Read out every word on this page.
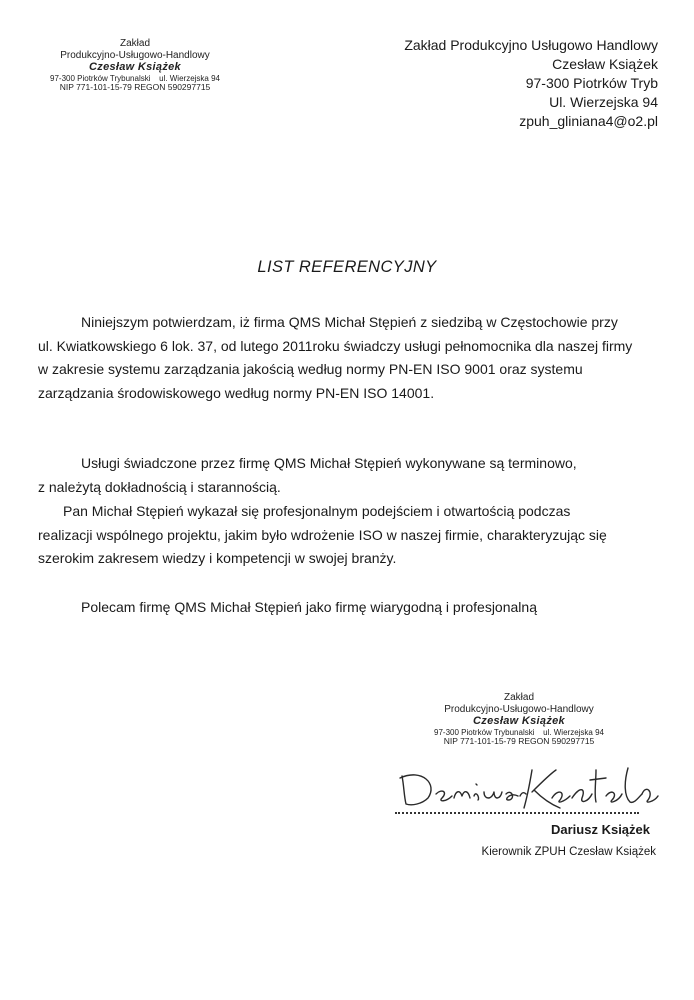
Zakład
Produkcyjno-Usługowo-Handlowy
Czesław Książek
97-300 Piotrków Trybunalski ul. Wierzejska 94
NIP 771-101-15-79 REGON 590297715
Zakład Produkcyjno Usługowo Handlowy
Czesław Książek
97-300 Piotrków Tryb
Ul. Wierzejska 94
zpuh_gliniana4@o2.pl
LIST REFERENCYJNY
Niniejszym potwierdzam, iż firma QMS Michał Stępień z siedzibą w Częstochowie przy
ul. Kwiatkowskiego 6 lok. 37, od lutego 2011roku świadczy usługi pełnomocnika dla naszej firmy
w zakresie systemu zarządzania jakością według normy PN-EN ISO 9001 oraz systemu
zarządzania środowiskowego według normy PN-EN ISO 14001.
Usługi świadczone przez firmę QMS Michał Stępień wykonywane są terminowo,
z należytą dokładnością i starannością.
Pan Michał Stępień wykazał się profesjonalnym podejściem i otwartością podczas
realizacji wspólnego projektu, jakim było wdrożenie ISO w naszej firmie, charakteryzując się
szerokim zakresem wiedzy i kompetencji w swojej branży.
Polecam firmę QMS Michał Stępień jako firmę wiarygodną i profesjonalną
Zakład
Produkcyjno-Usługowo-Handlowy
Czesław Książek
97-300 Piotrków Trybunalski ul. Wierzejska 94
NIP 771-101-15-79 REGON 590297715
Dariusz Książek
Kierownik ZPUH Czesław Książek
